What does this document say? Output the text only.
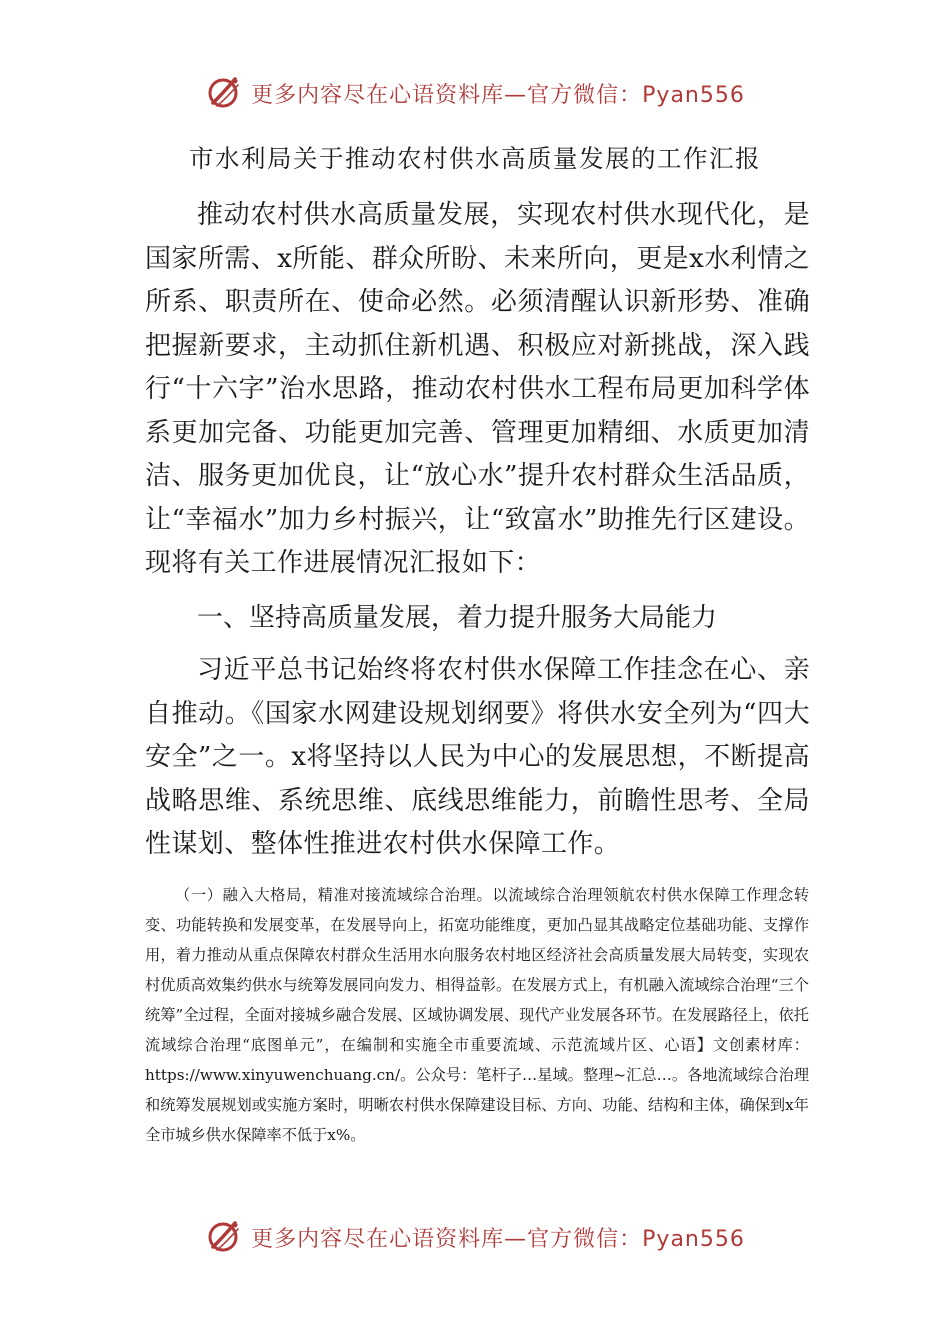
更多内容尽在心语资料库—官方微信：Pyan556
市水利局关于推动农村供水高质量发展的工作汇报

推动农村供水高质量发展，实现农村供水现代化，是国家所需、x所能、群众所盼、未来所向，更是x水利情之所系、职责所在、使命必然。必须清醒认识新形势、准确把握新要求，主动抓住新机遇、积极应对新挑战，深入践行“十六字”治水思路，推动农村供水工程布局更加科学体系更加完备、功能更加完善、管理更加精细、水质更加清洁、服务更加优良，让“放心水”提升农村群众生活品质，让“幸福水”加力乡村振兴，让“致富水”助推先行区建设。现将有关工作进展情况汇报如下：

一、坚持高质量发展，着力提升服务大局能力

习近平总书记始终将农村供水保障工作挂念在心、亲自推动。《国家水网建设规划纲要》将供水安全列为“四大安全”之一。x将坚持以人民为中心的发展思想，不断提高战略思维、系统思维、底线思维能力，前瞻性思考、全局性谋划、整体性推进农村供水保障工作。

（一）融入大格局，精准对接流域综合治理。以流域综合治理领航农村供水保障工作理念转变、功能转换和发展变革，在发展导向上，拓宽功能维度，更加凸显其战略定位基础功能、支撑作用，着力推动从重点保障农村群众生活用水向服务农村地区经济社会高质量发展大局转变，实现农村优质高效集约供水与统筹发展同向发力、相得益彰。在发展方式上，有机融入流域综合治理“三个统筹”全过程，全面对接城乡融合发展、区域协调发展、现代产业发展各环节。在发展路径上，依托流域综合治理“底图单元”，在编制和实施全市重要流域、示范流域片区、心语】文创素材库：https://www.xinyuwenchuang.cn/。公众号：笔杆子…星域。整理~汇总…。各地流域综合治理和统筹发展规划或实施方案时，明晰农村供水保障建设目标、方向、功能、结构和主体，确保到x年全市城乡供水保障率不低于x%。

更多内容尽在心语资料库—官方微信：Pyan556
